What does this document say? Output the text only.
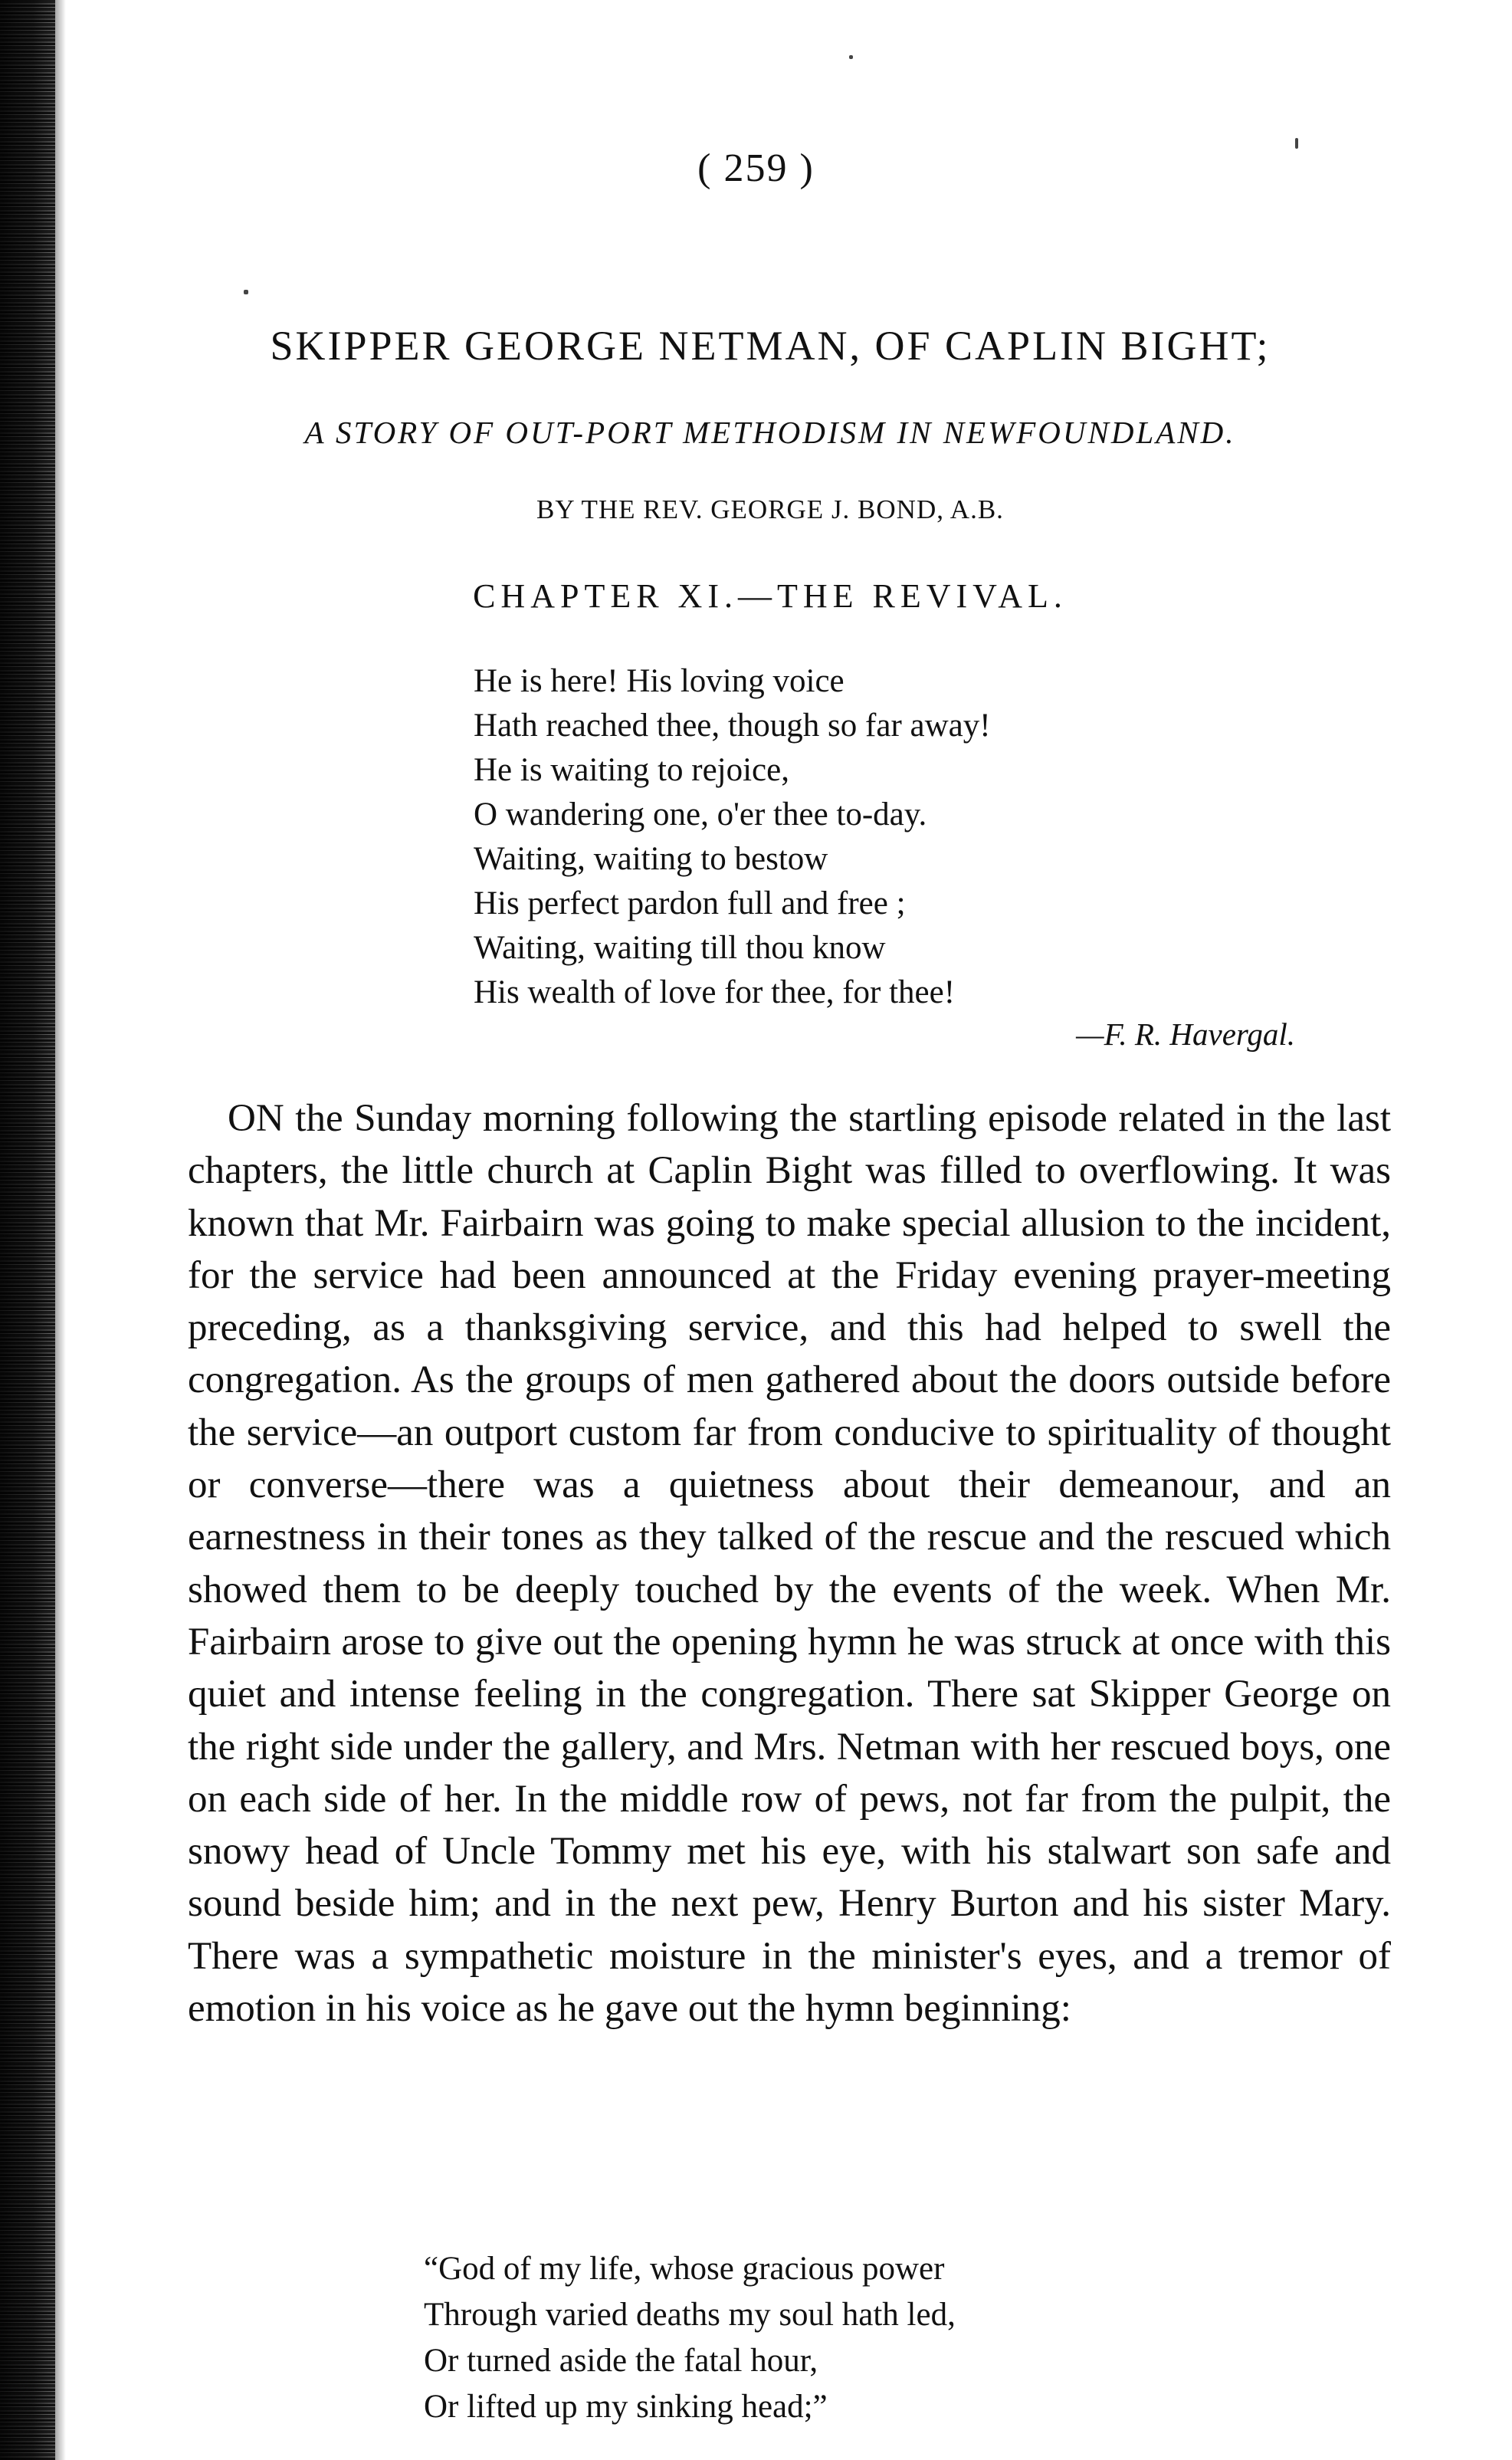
( 259 )
SKIPPER GEORGE NETMAN, OF CAPLIN BIGHT;
A STORY OF OUT-PORT METHODISM IN NEWFOUNDLAND.
BY THE REV. GEORGE J. BOND, A.B.
CHAPTER XI.—THE REVIVAL.
He is here! His loving voice
Hath reached thee, though so far away!
He is waiting to rejoice,
O wandering one, o'er thee to-day.
Waiting, waiting to bestow
His perfect pardon full and free ;
Waiting, waiting till thou know
His wealth of love for thee, for thee!
—F. R. Havergal.

ON the Sunday morning following the startling episode related in the last chapters, the little church at Caplin Bight was filled to overflowing. It was known that Mr. Fairbairn was going to make special allusion to the incident, for the service had been announced at the Friday evening prayer-meeting preceding, as a thanksgiving service, and this had helped to swell the congregation. As the groups of men gathered about the doors outside before the service—an outport custom far from conducive to spirituality of thought or converse—there was a quietness about their demeanour, and an earnestness in their tones as they talked of the rescue and the rescued which showed them to be deeply touched by the events of the week. When Mr. Fairbairn arose to give out the opening hymn he was struck at once with this quiet and intense feeling in the congregation. There sat Skipper George on the right side under the gallery, and Mrs. Netman with her rescued boys, one on each side of her. In the middle row of pews, not far from the pulpit, the snowy head of Uncle Tommy met his eye, with his stalwart son safe and sound beside him; and in the next pew, Henry Burton and his sister Mary. There was a sympathetic moisture in the minister's eyes, and a tremor of emotion in his voice as he gave out the hymn beginning:

“God of my life, whose gracious power
Through varied deaths my soul hath led,
Or turned aside the fatal hour,
Or lifted up my sinking head;”
